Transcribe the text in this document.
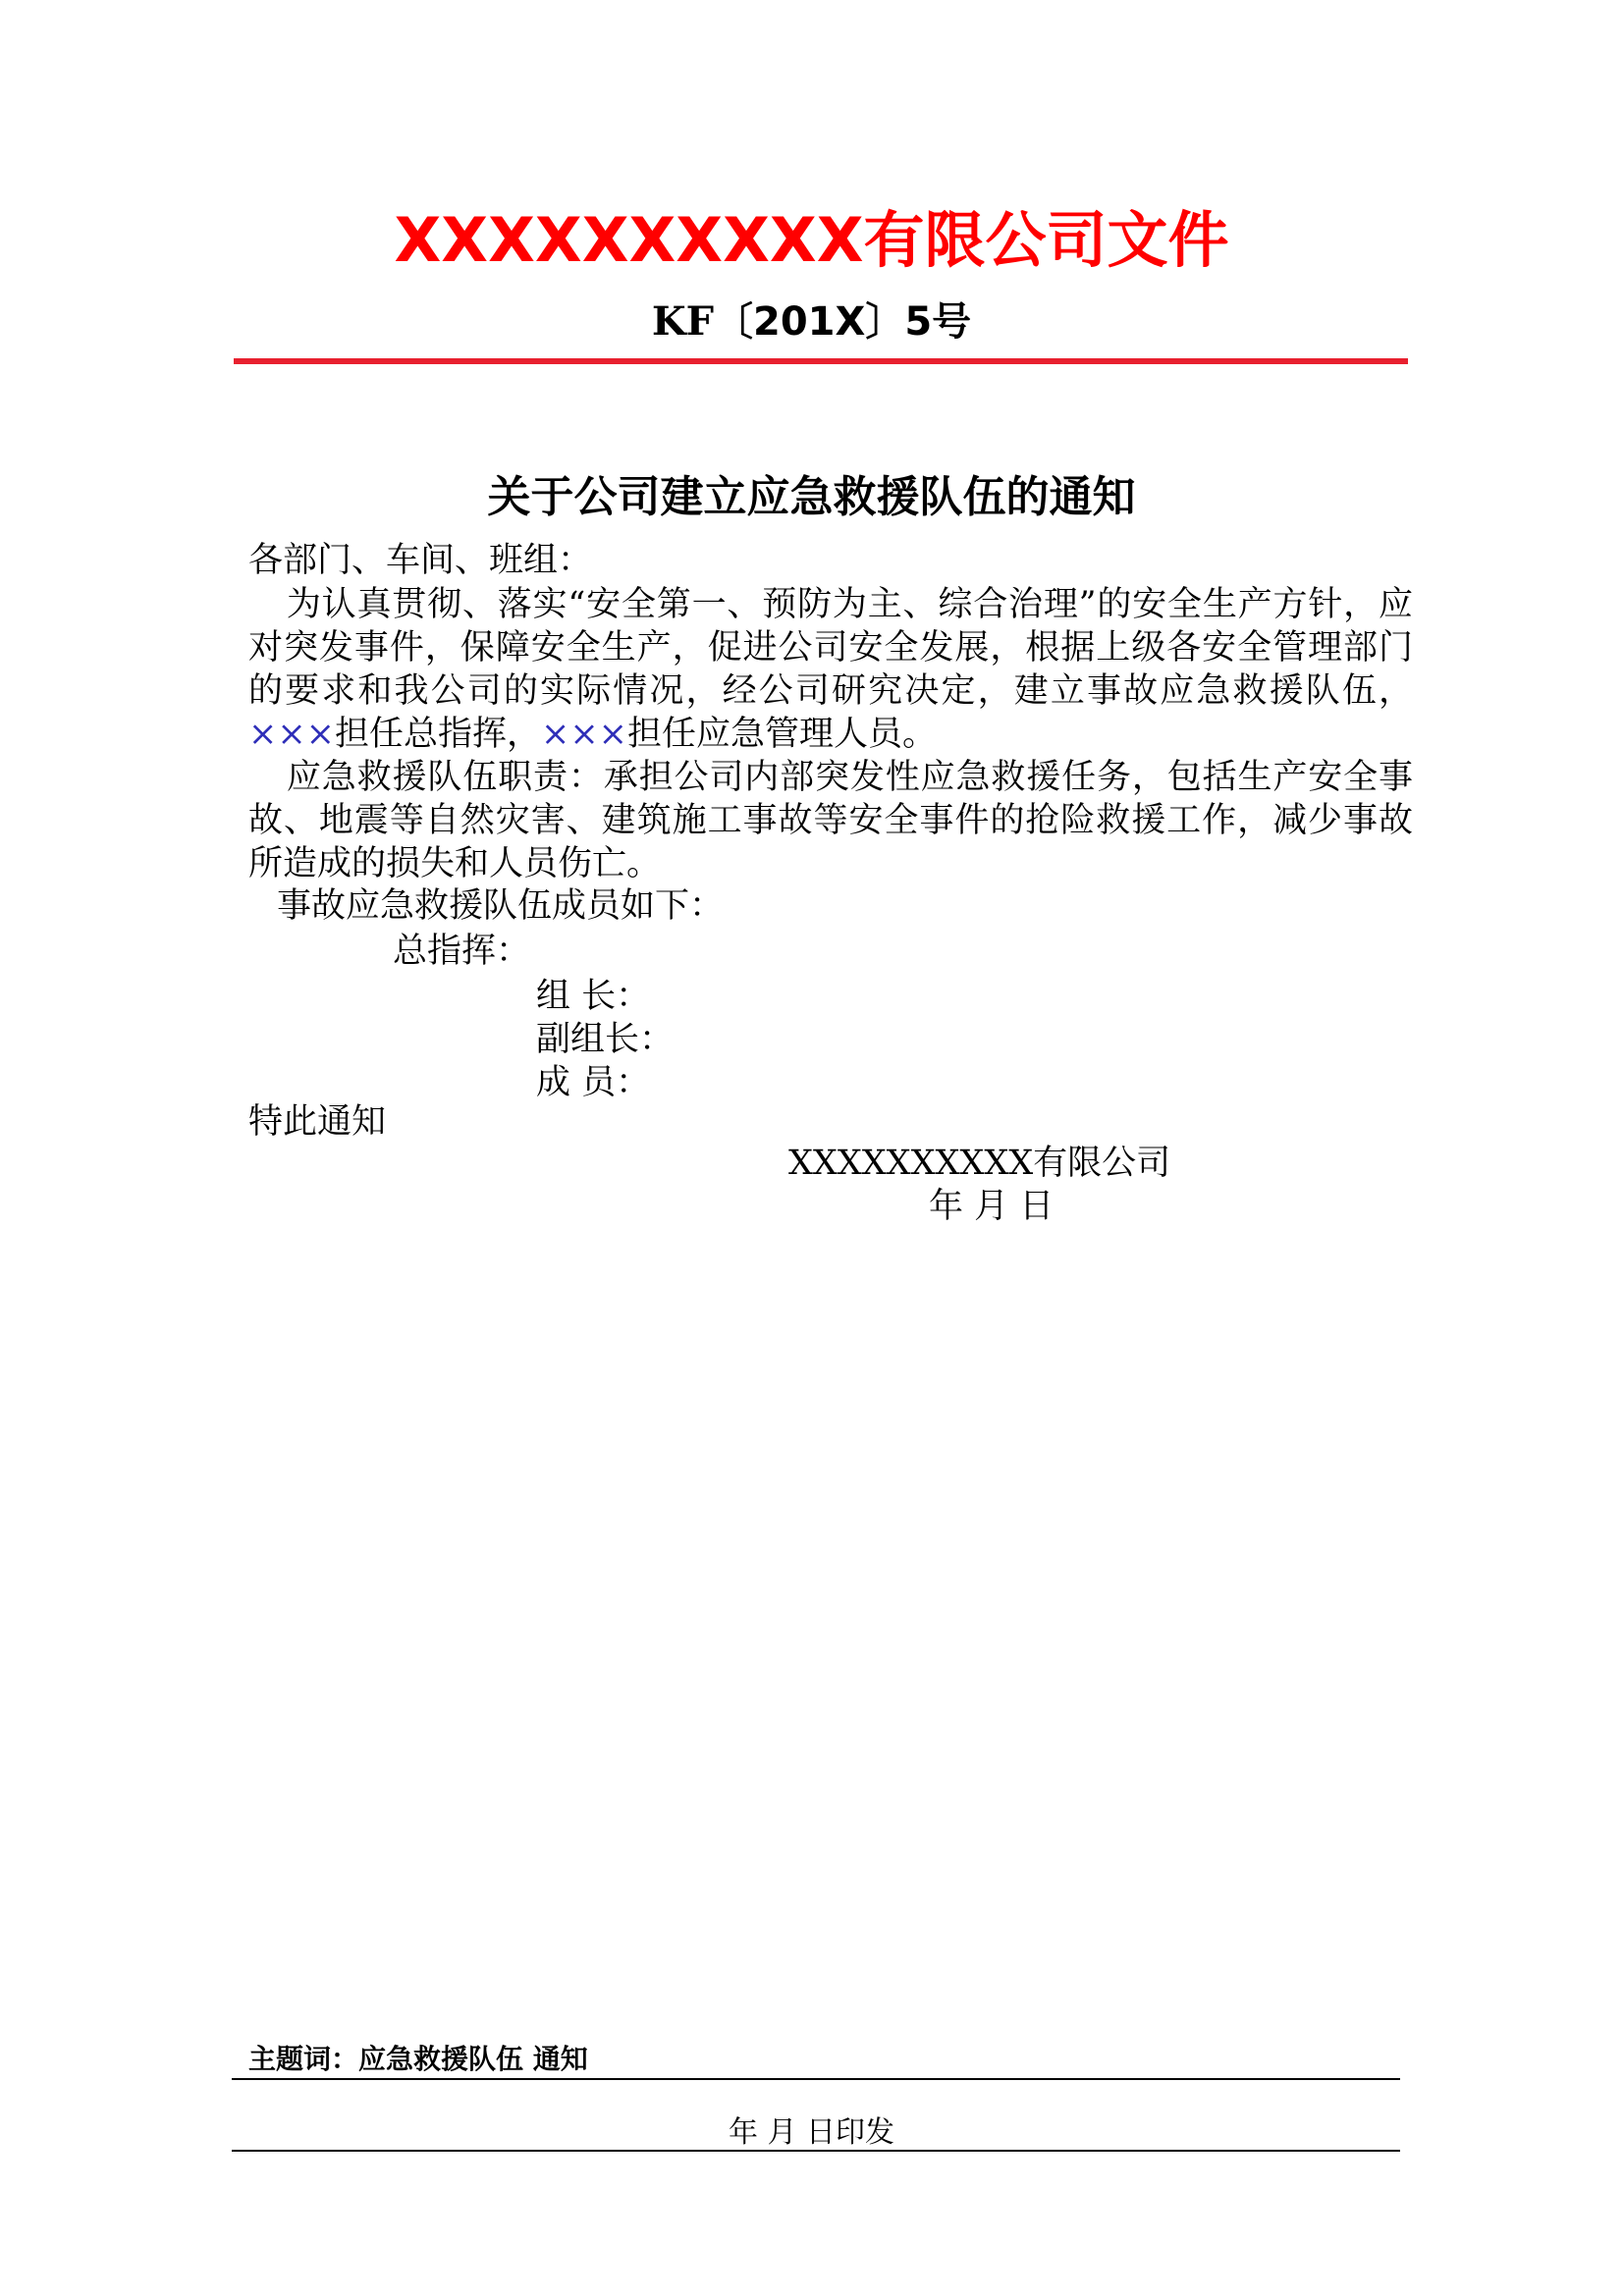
XXXXXXXXXX有限公司文件
KF〔201X〕5号
关于公司建立应急救援队伍的通知
各部门、车间、班组：
为认真贯彻、落实“安全第一、预防为主、综合治理”的安全生产方针，应对突发事件，保障安全生产，促进公司安全发展，根据上级各安全管理部门的要求和我公司的实际情况，经公司研究决定，建立事故应急救援队伍，×××担任总指挥，×××担任应急管理人员。
应急救援队伍职责：承担公司内部突发性应急救援任务，包括生产安全事故、地震等自然灾害、建筑施工事故等安全事件的抢险救援工作，减少事故所造成的损失和人员伤亡。
事故应急救援队伍成员如下：
总指挥：
组 长：
副组长：
成 员：
特此通知
XXXXXXXXXX有限公司
年 月 日
主题词：应急救援队伍 通知
年 月 日印发
